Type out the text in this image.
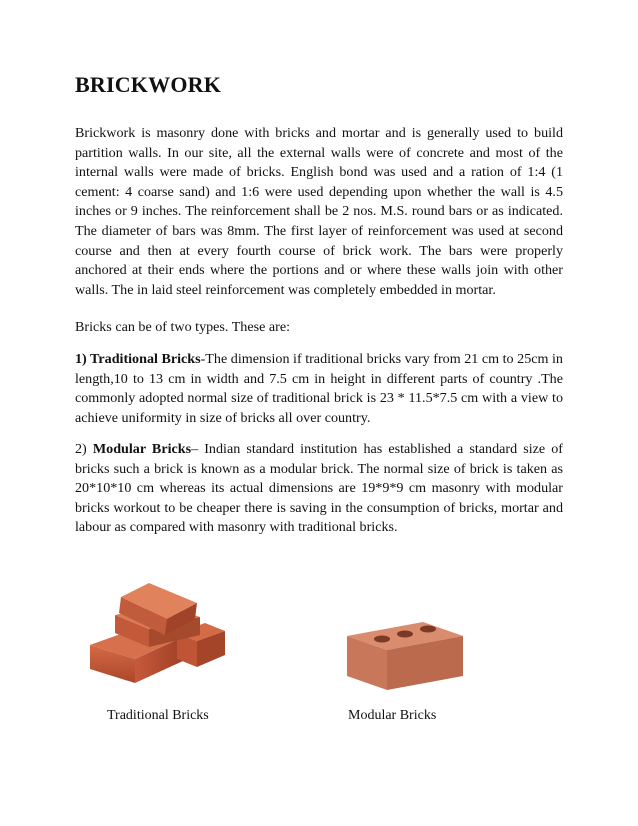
BRICKWORK

Brickwork is masonry done with bricks and mortar and is generally used to build partition walls. In our site, all the external walls were of concrete and most of the internal walls were made of bricks. English bond was used and a ration of 1:4 (1 cement: 4 coarse sand) and 1:6 were used depending upon whether the wall is 4.5 inches or 9 inches. The reinforcement shall be 2 nos. M.S. round bars or as indicated. The diameter of bars was 8mm. The first layer of reinforcement was used at second course and then at every fourth course of brick work. The bars were properly anchored at their ends where the portions and or where these walls join with other walls. The in laid steel reinforcement was completely embedded in mortar.

Bricks can be of two types. These are:

1) Traditional Bricks-The dimension if traditional bricks vary from 21 cm to 25cm in length,10 to 13 cm in width and 7.5 cm in height in different parts of country .The commonly adopted normal size of traditional brick is 23 * 11.5*7.5 cm with a view to achieve uniformity in size of bricks all over country.

2) Modular Bricks– Indian standard institution has established a standard size of bricks such a brick is known as a modular brick. The normal size of brick is taken as 20*10*10 cm whereas its actual dimensions are 19*9*9 cm masonry with modular bricks workout to be cheaper there is saving in the consumption of bricks, mortar and labour as compared with masonry with traditional bricks.

Traditional Bricks	Modular Bricks
